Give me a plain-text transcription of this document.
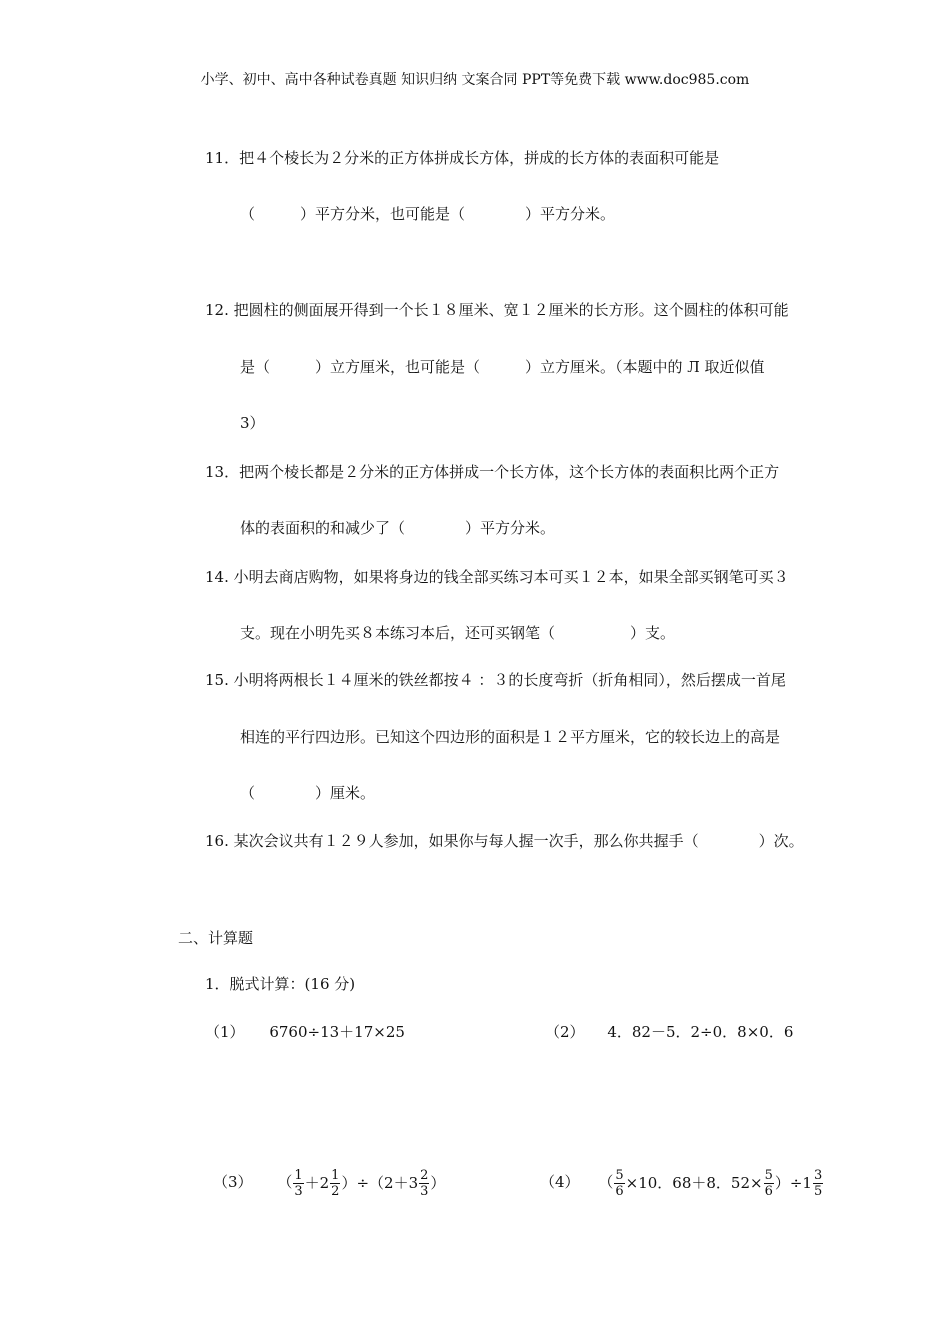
小学、初中、高中各种试卷真题 知识归纳 文案合同 PPT等免费下载 www.doc985.com
11．把４个棱长为２分米的正方体拼成长方体，拼成的长方体的表面积可能是
（　　　）平方分米，也可能是（　　　　）平方分米。
12. 把圆柱的侧面展开得到一个长１８厘米、宽１２厘米的长方形。这个圆柱的体积可能
是（　　　）立方厘米，也可能是（　　　）立方厘米。（本题中的 Л 取近似值
3）
13．把两个棱长都是２分米的正方体拼成一个长方体，这个长方体的表面积比两个正方
体的表面积的和减少了（　　　　）平方分米。
14. 小明去商店购物，如果将身边的钱全部买练习本可买１２本，如果全部买钢笔可买３
支。现在小明先买８本练习本后，还可买钢笔（　　　　　）支。
15. 小明将两根长１４厘米的铁丝都按４ ：３的长度弯折（折角相同），然后摆成一首尾
相连的平行四边形。已知这个四边形的面积是１２平方厘米，它的较长边上的高是
（　　　　）厘米。
16. 某次会议共有１２９人参加，如果你与每人握一次手，那么你共握手（　　　　）次。
二、计算题
1．脱式计算：(16 分)
（1） 6760÷13＋17×25	（2） 4．82－5．2÷0．8×0．6
（3） （ $\frac{1}{3} +2 \frac{1}{2} )\div(2+3 \frac{2}{3}$ ）	（4） （ $\frac{5}{6} \times 10$．68＋8．$52\times \frac{5}{6} )\div 1 \frac{3}{5}$
